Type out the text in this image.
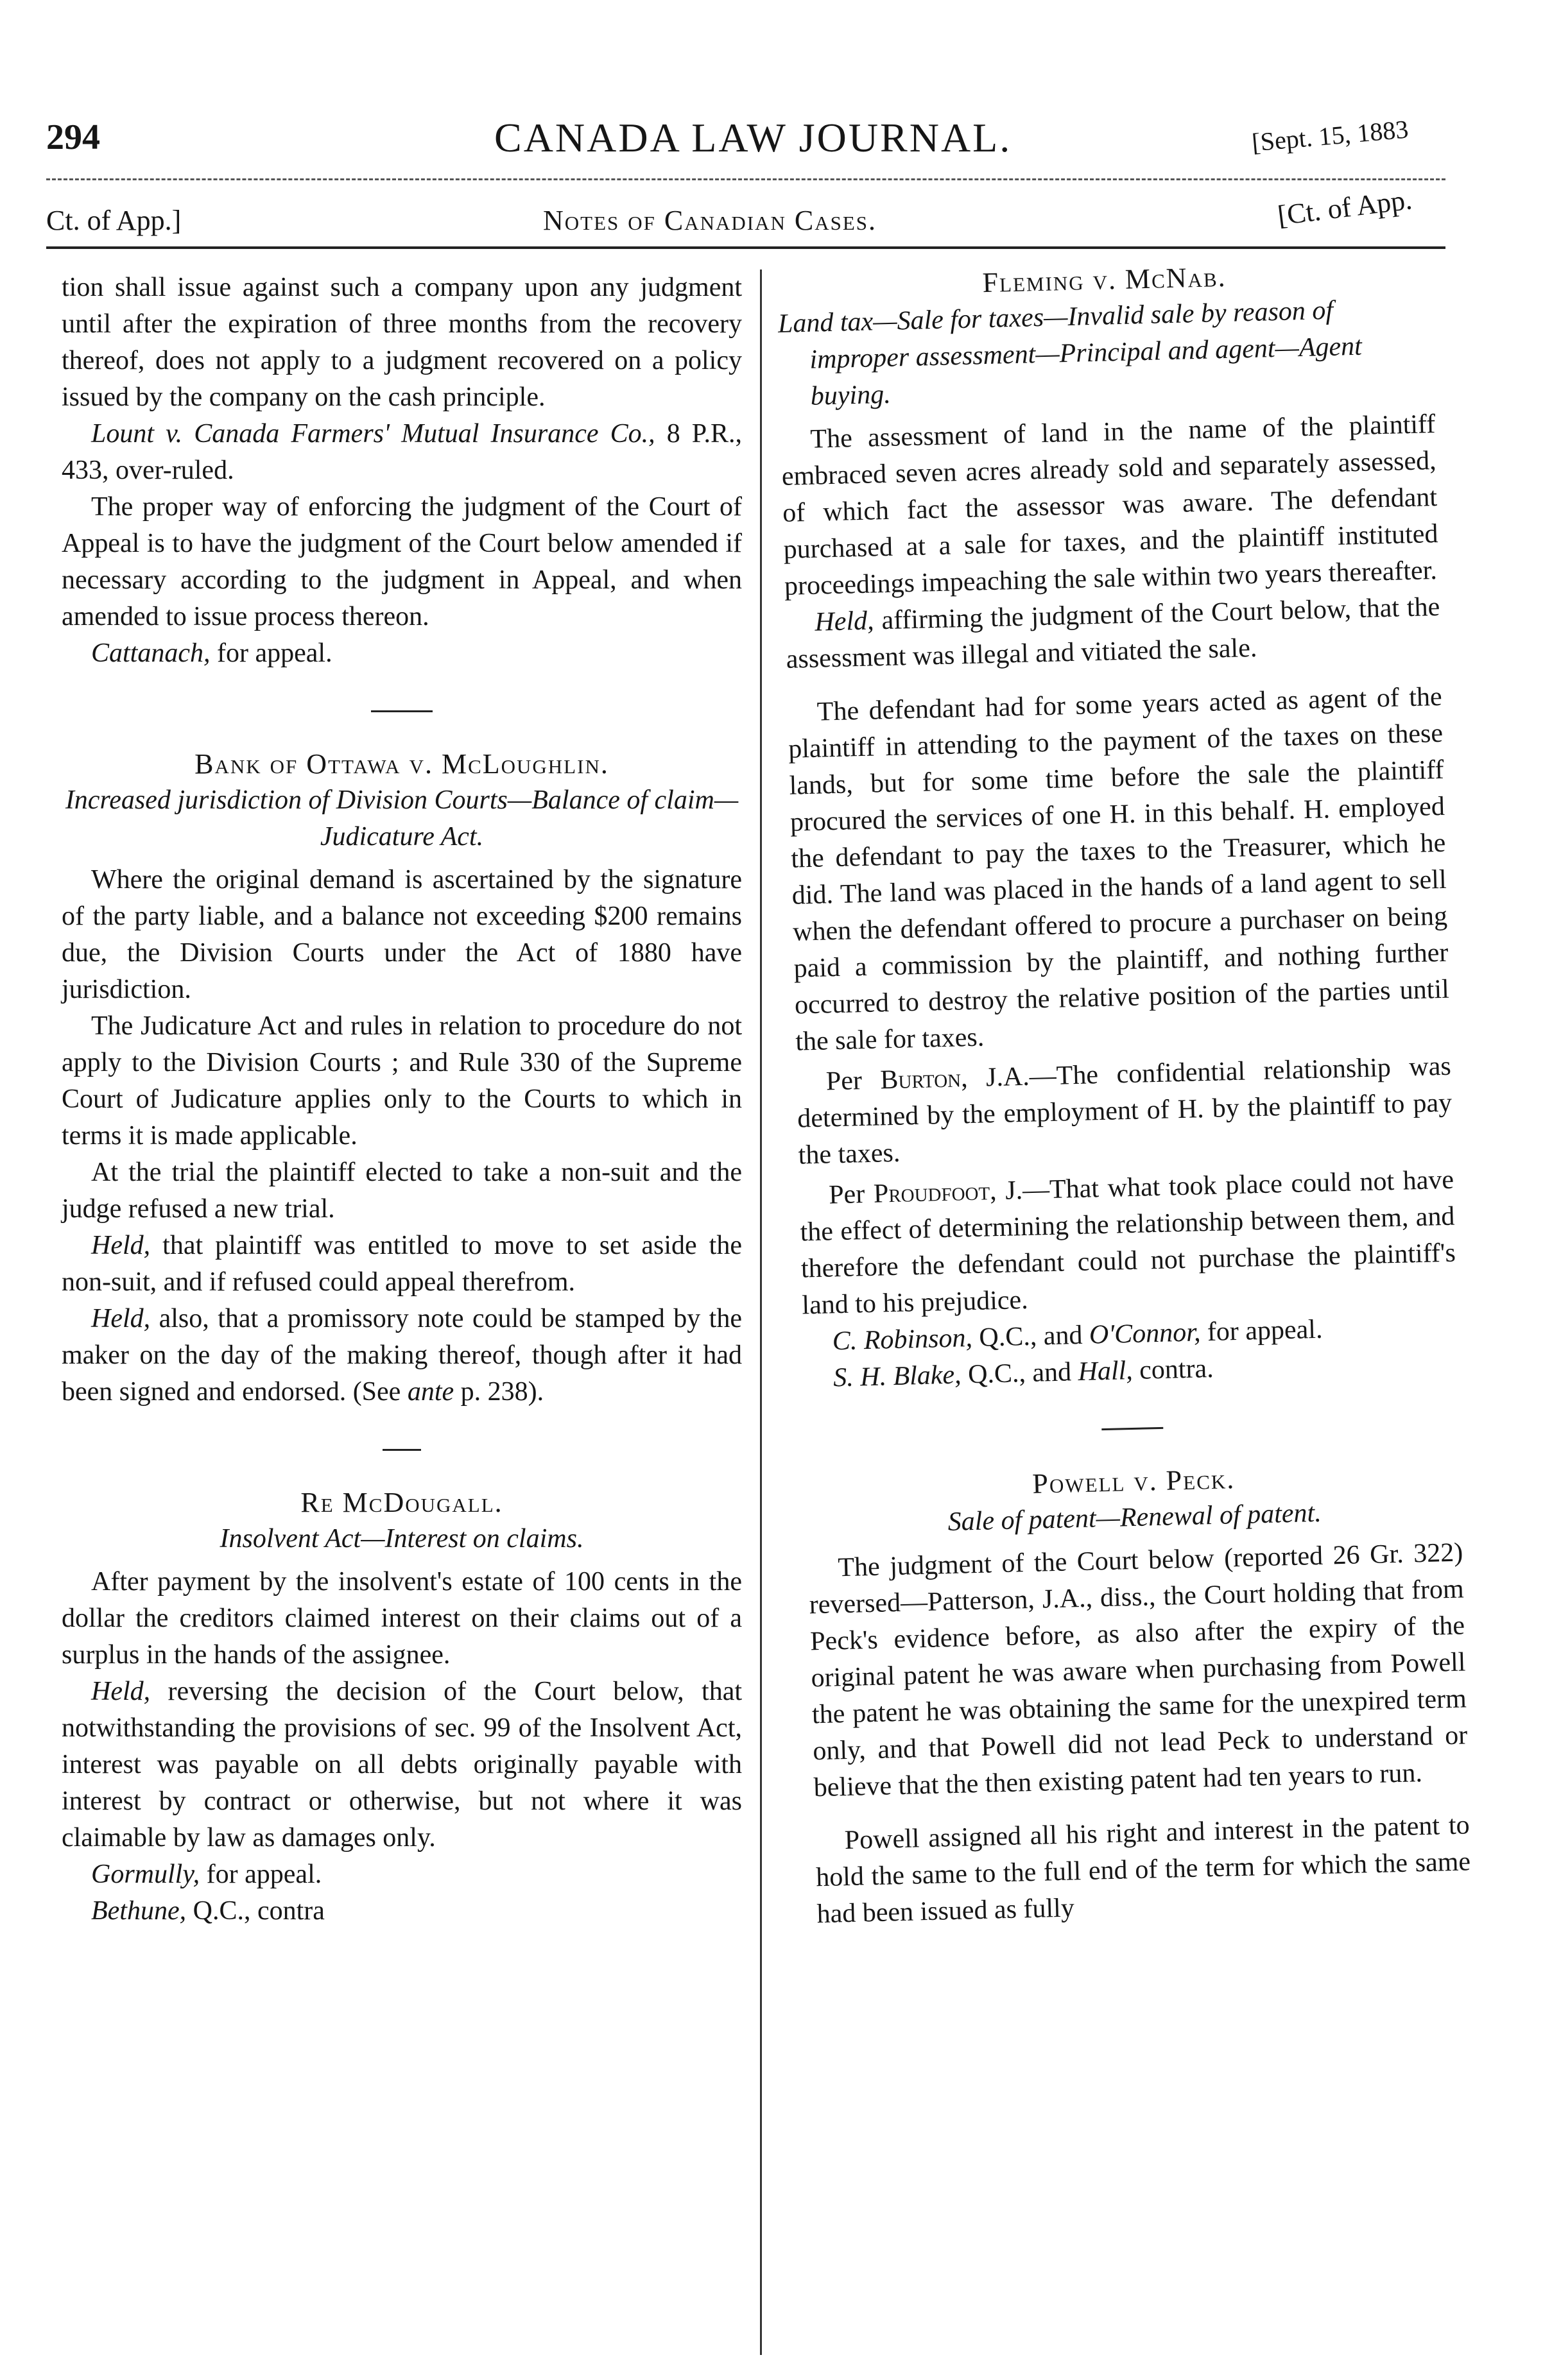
294	CANADA LAW JOURNAL.	[Sept. 15, 1883
Ct. of App.]	Notes of Canadian Cases.	[Ct. of App.

tion shall issue against such a company upon any judgment until after the expiration of three months from the recovery thereof, does not apply to a judgment recovered on a policy issued by the company on the cash principle.

Lount v. Canada Farmers' Mutual Insurance Co., 8 P.R., 433, over-ruled.

The proper way of enforcing the judgment of the Court of Appeal is to have the judgment of the Court below amended if necessary according to the judgment in Appeal, and when amended to issue process thereon.

Cattanach, for appeal.

Bank of Ottawa v. McLoughlin.

Increased jurisdiction of Division Courts—Balance of claim—Judicature Act.

Where the original demand is ascertained by the signature of the party liable, and a balance not exceeding $200 remains due, the Division Courts under the Act of 1880 have jurisdiction.

The Judicature Act and rules in relation to procedure do not apply to the Division Courts ; and Rule 330 of the Supreme Court of Judicature applies only to the Courts to which in terms it is made applicable.

At the trial the plaintiff elected to take a non-suit and the judge refused a new trial.

Held, that plaintiff was entitled to move to set aside the non-suit, and if refused could appeal therefrom.

Held, also, that a promissory note could be stamped by the maker on the day of the making thereof, though after it had been signed and endorsed. (See ante p. 238).

Re McDougall.

Insolvent Act—Interest on claims.

After payment by the insolvent's estate of 100 cents in the dollar the creditors claimed interest on their claims out of a surplus in the hands of the assignee.

Held, reversing the decision of the Court below, that notwithstanding the provisions of sec. 99 of the Insolvent Act, interest was payable on all debts originally payable with interest by contract or otherwise, but not where it was claimable by law as damages only.

Gormully, for appeal.

Bethune, Q.C., contra

Fleming v. McNab.

Land tax—Sale for taxes—Invalid sale by reason of improper assessment—Principal and agent—Agent buying.

The assessment of land in the name of the plaintiff embraced seven acres already sold and separately assessed, of which fact the assessor was aware. The defendant purchased at a sale for taxes, and the plaintiff instituted proceedings impeaching the sale within two years thereafter.

Held, affirming the judgment of the Court below, that the assessment was illegal and vitiated the sale.

The defendant had for some years acted as agent of the plaintiff in attending to the payment of the taxes on these lands, but for some time before the sale the plaintiff procured the services of one H. in this behalf. H. employed the defendant to pay the taxes to the Treasurer, which he did. The land was placed in the hands of a land agent to sell when the defendant offered to procure a purchaser on being paid a commission by the plaintiff, and nothing further occurred to destroy the relative position of the parties until the sale for taxes.

Per Burton, J.A.—The confidential relationship was determined by the employment of H. by the plaintiff to pay the taxes.

Per Proudfoot, J.—That what took place could not have the effect of determining the relationship between them, and therefore the defendant could not purchase the plaintiff's land to his prejudice.

C. Robinson, Q.C., and O'Connor, for appeal.

S. H. Blake, Q.C., and Hall, contra.

Powell v. Peck.

Sale of patent—Renewal of patent.

The judgment of the Court below (reported 26 Gr. 322) reversed—Patterson, J.A., diss., the Court holding that from Peck's evidence before, as also after the expiry of the original patent he was aware when purchasing from Powell the patent he was obtaining the same for the unexpired term only, and that Powell did not lead Peck to understand or believe that the then existing patent had ten years to run.

Powell assigned all his right and interest in the patent to hold the same to the full end of the term for which the same had been issued as fully
